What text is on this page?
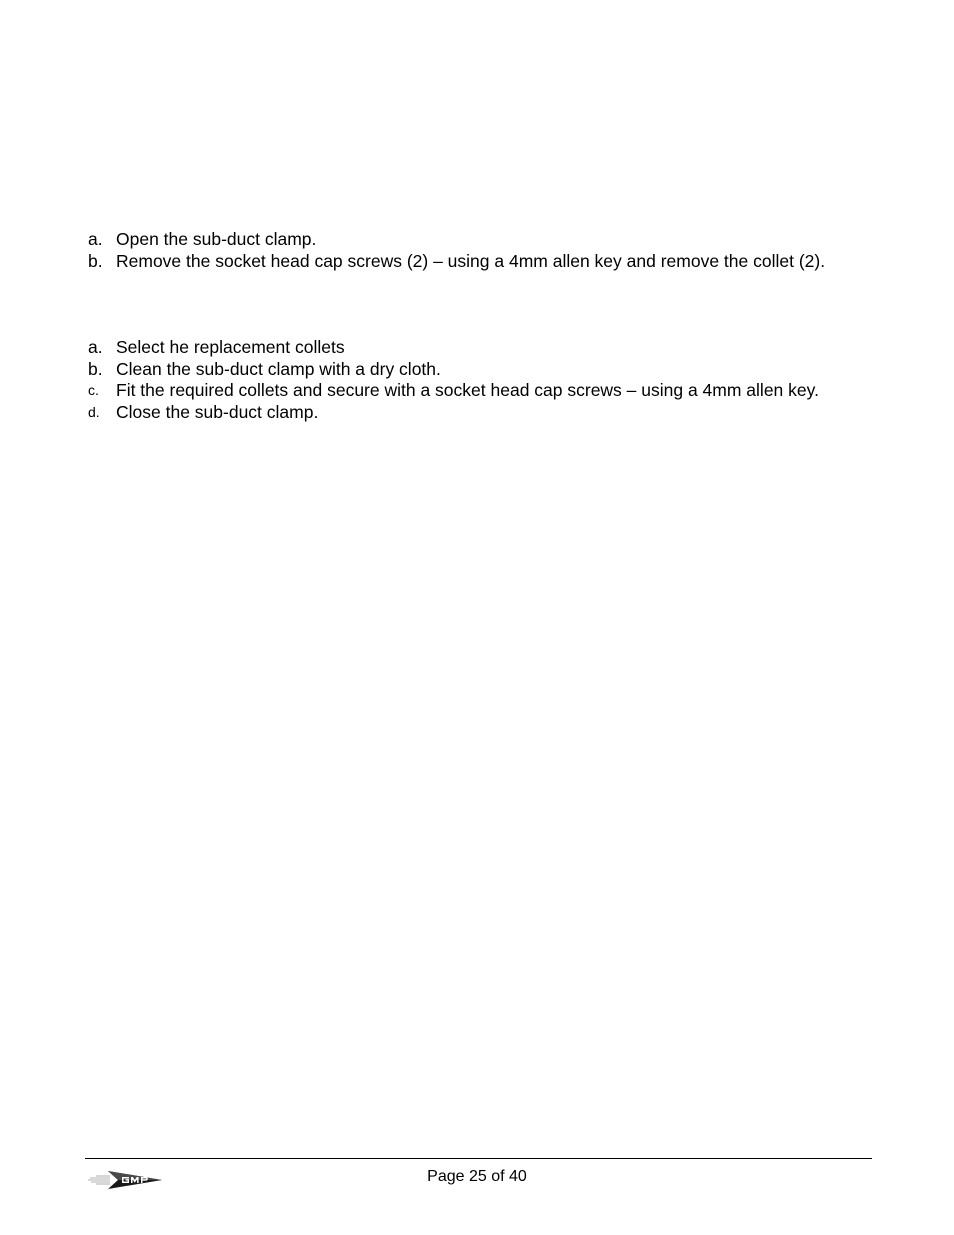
a. Open the sub-duct clamp.
b. Remove the socket head cap screws (2) – using a 4mm allen key and remove the collet (2).
a. Select he replacement collets
b. Clean the sub-duct clamp with a dry cloth.
c. Fit the required collets and secure with a socket head cap screws – using a 4mm allen key.
d. Close the sub-duct clamp.
Page 25 of 40
